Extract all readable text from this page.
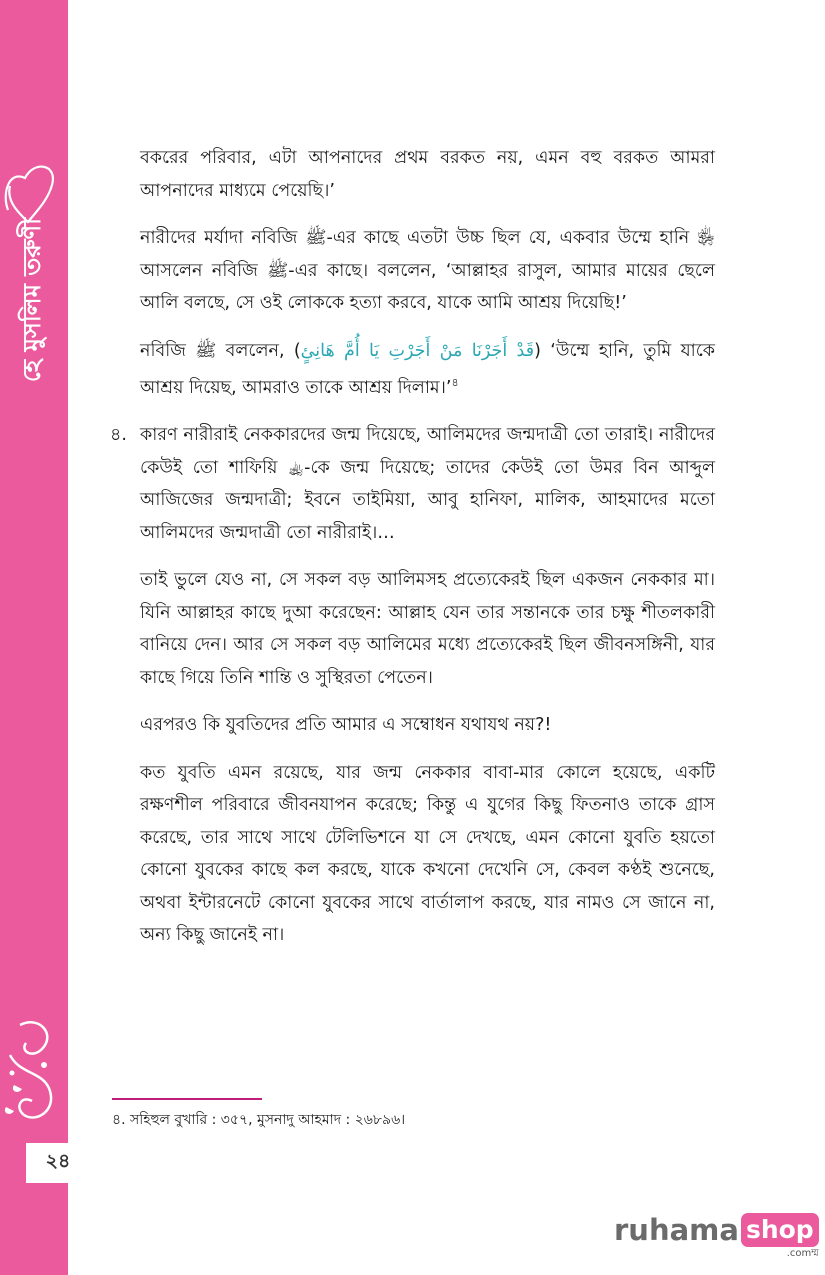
হে মুসলিম তরুণী
২৪

বকরের পরিবার, এটা আপনাদের প্রথম বরকত নয়, এমন বহু বরকত আমরা আপনাদের মাধ্যমে পেয়েছি।’

নারীদের মর্যাদা নবিজি ﷺ-এর কাছে এতটা উচ্চ ছিল যে, একবার উম্মে হানি ﵂ আসলেন নবিজি ﷺ-এর কাছে। বললেন, ‘আল্লাহর রাসুল, আমার মায়ের ছেলে আলি বলছে, সে ওই লোককে হত্যা করবে, যাকে আমি আশ্রয় দিয়েছি!’

নবিজি ﷺ বললেন, (قَدْ أَجَرْنَا مَنْ أَجَرْتِ يَا أُمَّ هَانِئٍ) ‘উম্মে হানি, তুমি যাকে আশ্রয় দিয়েছ, আমরাও তাকে আশ্রয় দিলাম।’$^৪$

৪. কারণ নারীরাই নেককারদের জন্ম দিয়েছে, আলিমদের জন্মদাত্রী তো তারাই। নারীদের কেউই তো শাফিয়ি ﵀-কে জন্ম দিয়েছে; তাদের কেউই তো উমর বিন আব্দুল আজিজের জন্মদাত্রী; ইবনে তাইমিয়া, আবু হানিফা, মালিক, আহমাদের মতো আলিমদের জন্মদাত্রী তো নারীরাই।…

তাই ভুলে যেও না, সে সকল বড় আলিমসহ প্রত্যেকেরই ছিল একজন নেককার মা। যিনি আল্লাহর কাছে দুআ করেছেন: আল্লাহ যেন তার সন্তানকে তার চক্ষু শীতলকারী বানিয়ে দেন। আর সে সকল বড় আলিমের মধ্যে প্রত্যেকেরই ছিল জীবনসঙ্গিনী, যার কাছে গিয়ে তিনি শান্তি ও সুস্থিরতা পেতেন।

এরপরও কি যুবতিদের প্রতি আমার এ সম্বোধন যথাযথ নয়?!

কত যুবতি এমন রয়েছে, যার জন্ম নেককার বাবা-মার কোলে হয়েছে, একটি রক্ষণশীল পরিবারে জীবনযাপন করেছে; কিন্তু এ যুগের কিছু ফিতনাও তাকে গ্রাস করেছে, তার সাথে সাথে টেলিভিশনে যা সে দেখছে, এমন কোনো যুবতি হয়তো কোনো যুবকের কাছে কল করছে, যাকে কখনো দেখেনি সে, কেবল কণ্ঠই শুনেছে, অথবা ইন্টারনেটে কোনো যুবকের সাথে বার্তালাপ করছে, যার নামও সে জানে না, অন্য কিছু জানেই না।

৪. সহিহুল বুখারি : ৩৫৭, মুসনাদু আহমাদ : ২৬৮৯৬।
ruhama shop
.comম্ম
